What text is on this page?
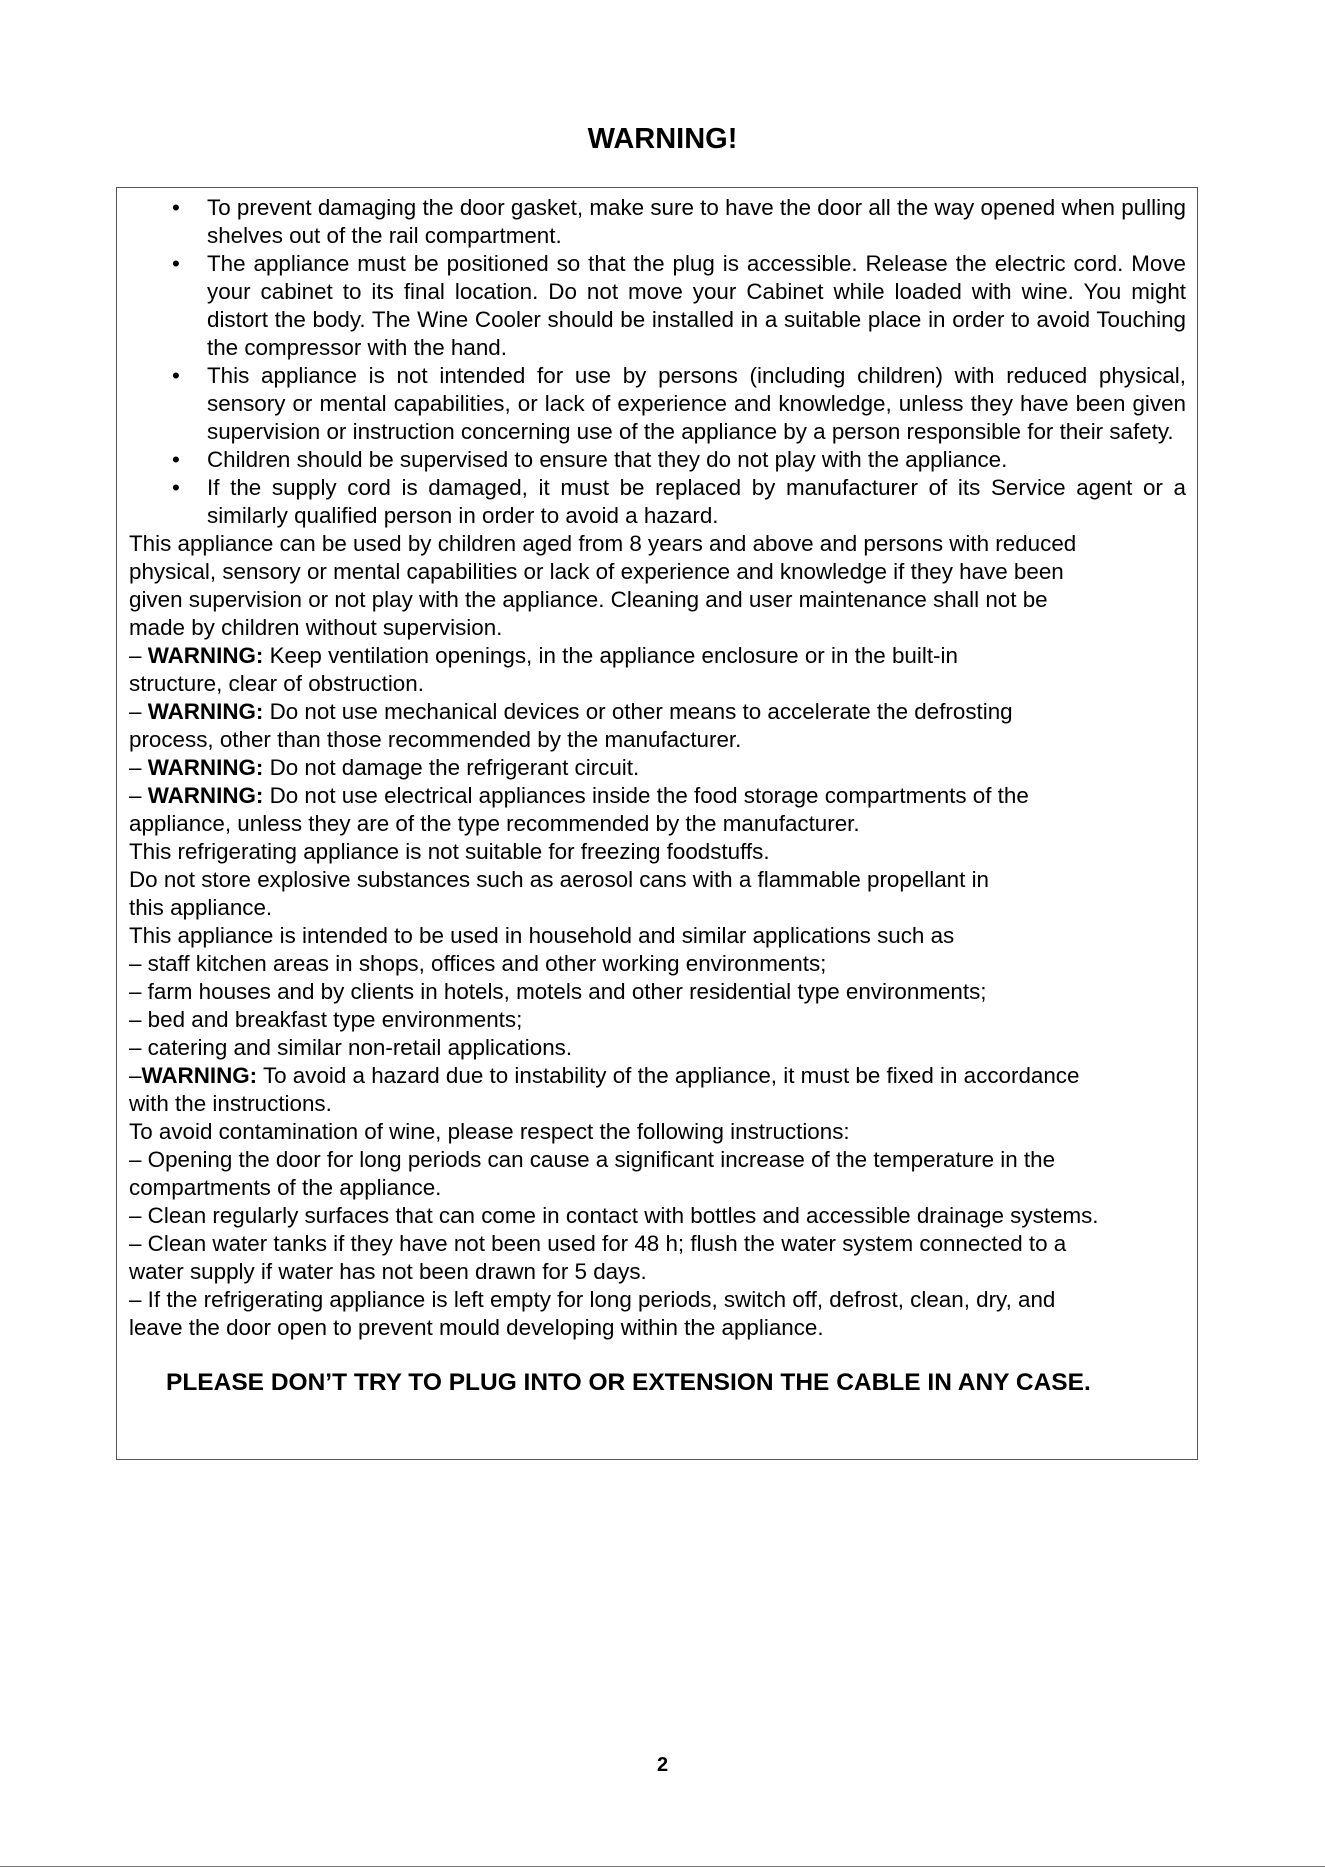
WARNING!
• To prevent damaging the door gasket, make sure to have the door all the way opened when pulling shelves out of the rail compartment.
• The appliance must be positioned so that the plug is accessible. Release the electric cord. Move your cabinet to its final location. Do not move your Cabinet while loaded with wine. You might distort the body. The Wine Cooler should be installed in a suitable place in order to avoid Touching the compressor with the hand.
• This appliance is not intended for use by persons (including children) with reduced physical, sensory or mental capabilities, or lack of experience and knowledge, unless they have been given supervision or instruction concerning use of the appliance by a person responsible for their safety.
• Children should be supervised to ensure that they do not play with the appliance.
• If the supply cord is damaged, it must be replaced by manufacturer of its Service agent or a similarly qualified person in order to avoid a hazard.

This appliance can be used by children aged from 8 years and above and persons with reduced

physical, sensory or mental capabilities or lack of experience and knowledge if they have been

given supervision or not play with the appliance. Cleaning and user maintenance shall not be

made by children without supervision.

– WARNING: Keep ventilation openings, in the appliance enclosure or in the built-in

structure, clear of obstruction.

– WARNING: Do not use mechanical devices or other means to accelerate the defrosting

process, other than those recommended by the manufacturer.

– WARNING: Do not damage the refrigerant circuit.

– WARNING: Do not use electrical appliances inside the food storage compartments of the

appliance, unless they are of the type recommended by the manufacturer.

This refrigerating appliance is not suitable for freezing foodstuffs.

Do not store explosive substances such as aerosol cans with a flammable propellant in

this appliance.

This appliance is intended to be used in household and similar applications such as

– staff kitchen areas in shops, offices and other working environments;

– farm houses and by clients in hotels, motels and other residential type environments;

– bed and breakfast type environments;

– catering and similar non-retail applications.

–WARNING: To avoid a hazard due to instability of the appliance, it must be fixed in accordance

with the instructions.

To avoid contamination of wine, please respect the following instructions:

– Opening the door for long periods can cause a significant increase of the temperature in the

compartments of the appliance.

– Clean regularly surfaces that can come in contact with bottles and accessible drainage systems.

– Clean water tanks if they have not been used for 48 h; flush the water system connected to a

water supply if water has not been drawn for 5 days.

– If the refrigerating appliance is left empty for long periods, switch off, defrost, clean, dry, and

leave the door open to prevent mould developing within the appliance.

PLEASE DON’T TRY TO PLUG INTO OR EXTENSION THE CABLE IN ANY CASE.

2
